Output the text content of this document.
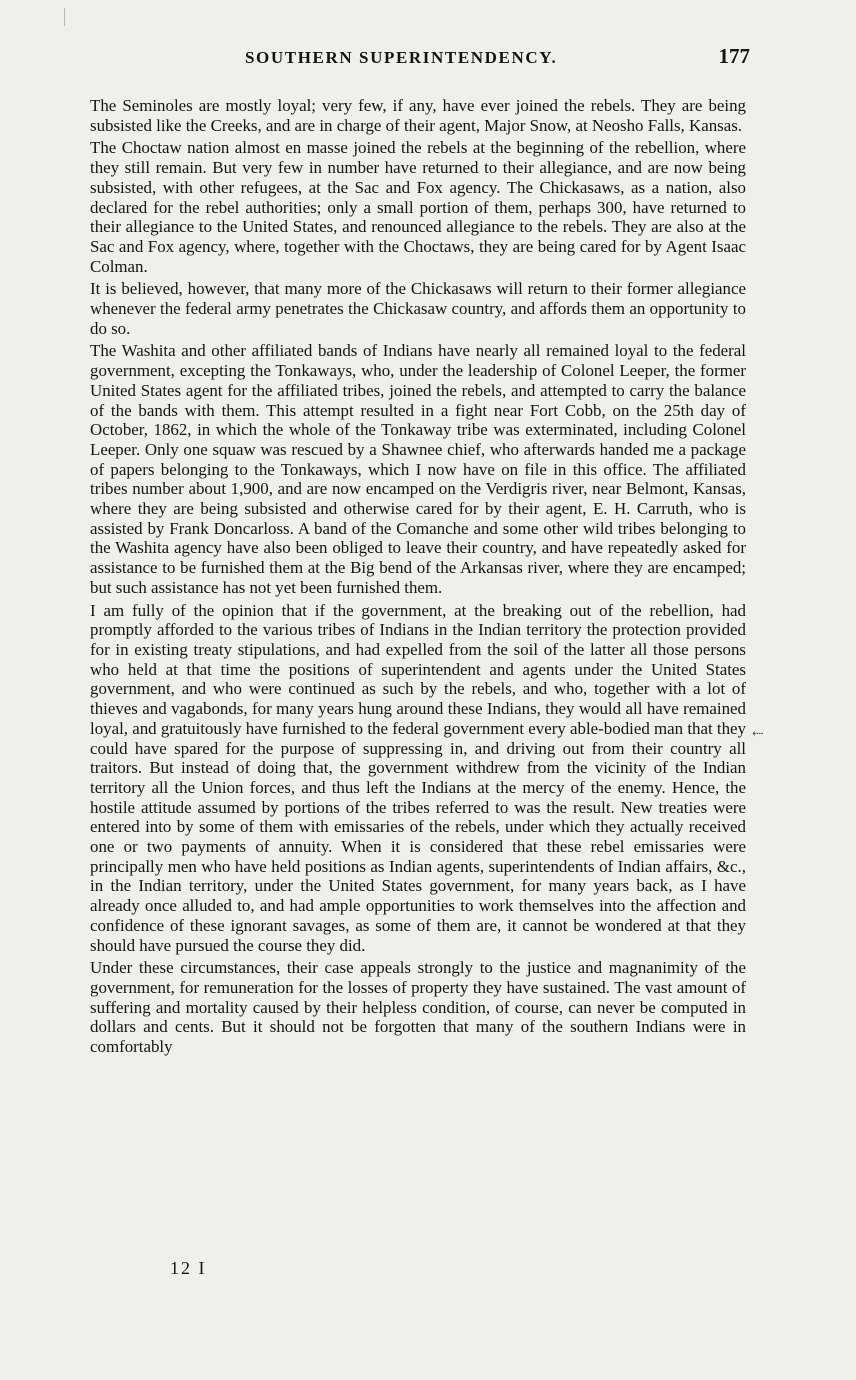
SOUTHERN SUPERINTENDENCY.	177

The Seminoles are mostly loyal; very few, if any, have ever joined the rebels. They are being subsisted like the Creeks, and are in charge of their agent, Major Snow, at Neosho Falls, Kansas.

The Choctaw nation almost en masse joined the rebels at the beginning of the rebellion, where they still remain. But very few in number have returned to their allegiance, and are now being subsisted, with other refugees, at the Sac and Fox agency. The Chickasaws, as a nation, also declared for the rebel authorities; only a small portion of them, perhaps 300, have returned to their allegiance to the United States, and renounced allegiance to the rebels. They are also at the Sac and Fox agency, where, together with the Choctaws, they are being cared for by Agent Isaac Colman.

It is believed, however, that many more of the Chickasaws will return to their former allegiance whenever the federal army penetrates the Chickasaw country, and affords them an opportunity to do so.

The Washita and other affiliated bands of Indians have nearly all remained loyal to the federal government, excepting the Tonkaways, who, under the leadership of Colonel Leeper, the former United States agent for the affiliated tribes, joined the rebels, and attempted to carry the balance of the bands with them. This attempt resulted in a fight near Fort Cobb, on the 25th day of October, 1862, in which the whole of the Tonkaway tribe was exterminated, including Colonel Leeper. Only one squaw was rescued by a Shawnee chief, who afterwards handed me a package of papers belonging to the Tonkaways, which I now have on file in this office. The affiliated tribes number about 1,900, and are now encamped on the Verdigris river, near Belmont, Kansas, where they are being subsisted and otherwise cared for by their agent, E. H. Carruth, who is assisted by Frank Doncarloss. A band of the Comanche and some other wild tribes belonging to the Washita agency have also been obliged to leave their country, and have repeatedly asked for assistance to be furnished them at the Big bend of the Arkansas river, where they are encamped; but such assistance has not yet been furnished them.

I am fully of the opinion that if the government, at the breaking out of the rebellion, had promptly afforded to the various tribes of Indians in the Indian territory the protection provided for in existing treaty stipulations, and had expelled from the soil of the latter all those persons who held at that time the positions of superintendent and agents under the United States government, and who were continued as such by the rebels, and who, together with a lot of thieves and vagabonds, for many years hung around these Indians, they would all have remained loyal, and gratuitously have furnished to the federal government every able-bodied man that they could have spared for the purpose of suppressing in, and driving out from their country all traitors. But instead of doing that, the government withdrew from the vicinity of the Indian territory all the Union forces, and thus left the Indians at the mercy of the enemy. Hence, the hostile attitude assumed by portions of the tribes referred to was the result. New treaties were entered into by some of them with emissaries of the rebels, under which they actually received one or two payments of annuity. When it is considered that these rebel emissaries were principally men who have held positions as Indian agents, superintendents of Indian affairs, &c., in the Indian territory, under the United States government, for many years back, as I have already once alluded to, and had ample opportunities to work themselves into the affection and confidence of these ignorant savages, as some of them are, it cannot be wondered at that they should have pursued the course they did.

Under these circumstances, their case appeals strongly to the justice and magnanimity of the government, for remuneration for the losses of property they have sustained. The vast amount of suffering and mortality caused by their helpless condition, of course, can never be computed in dollars and cents. But it should not be forgotten that many of the southern Indians were in comfortably

⇠
12 I
